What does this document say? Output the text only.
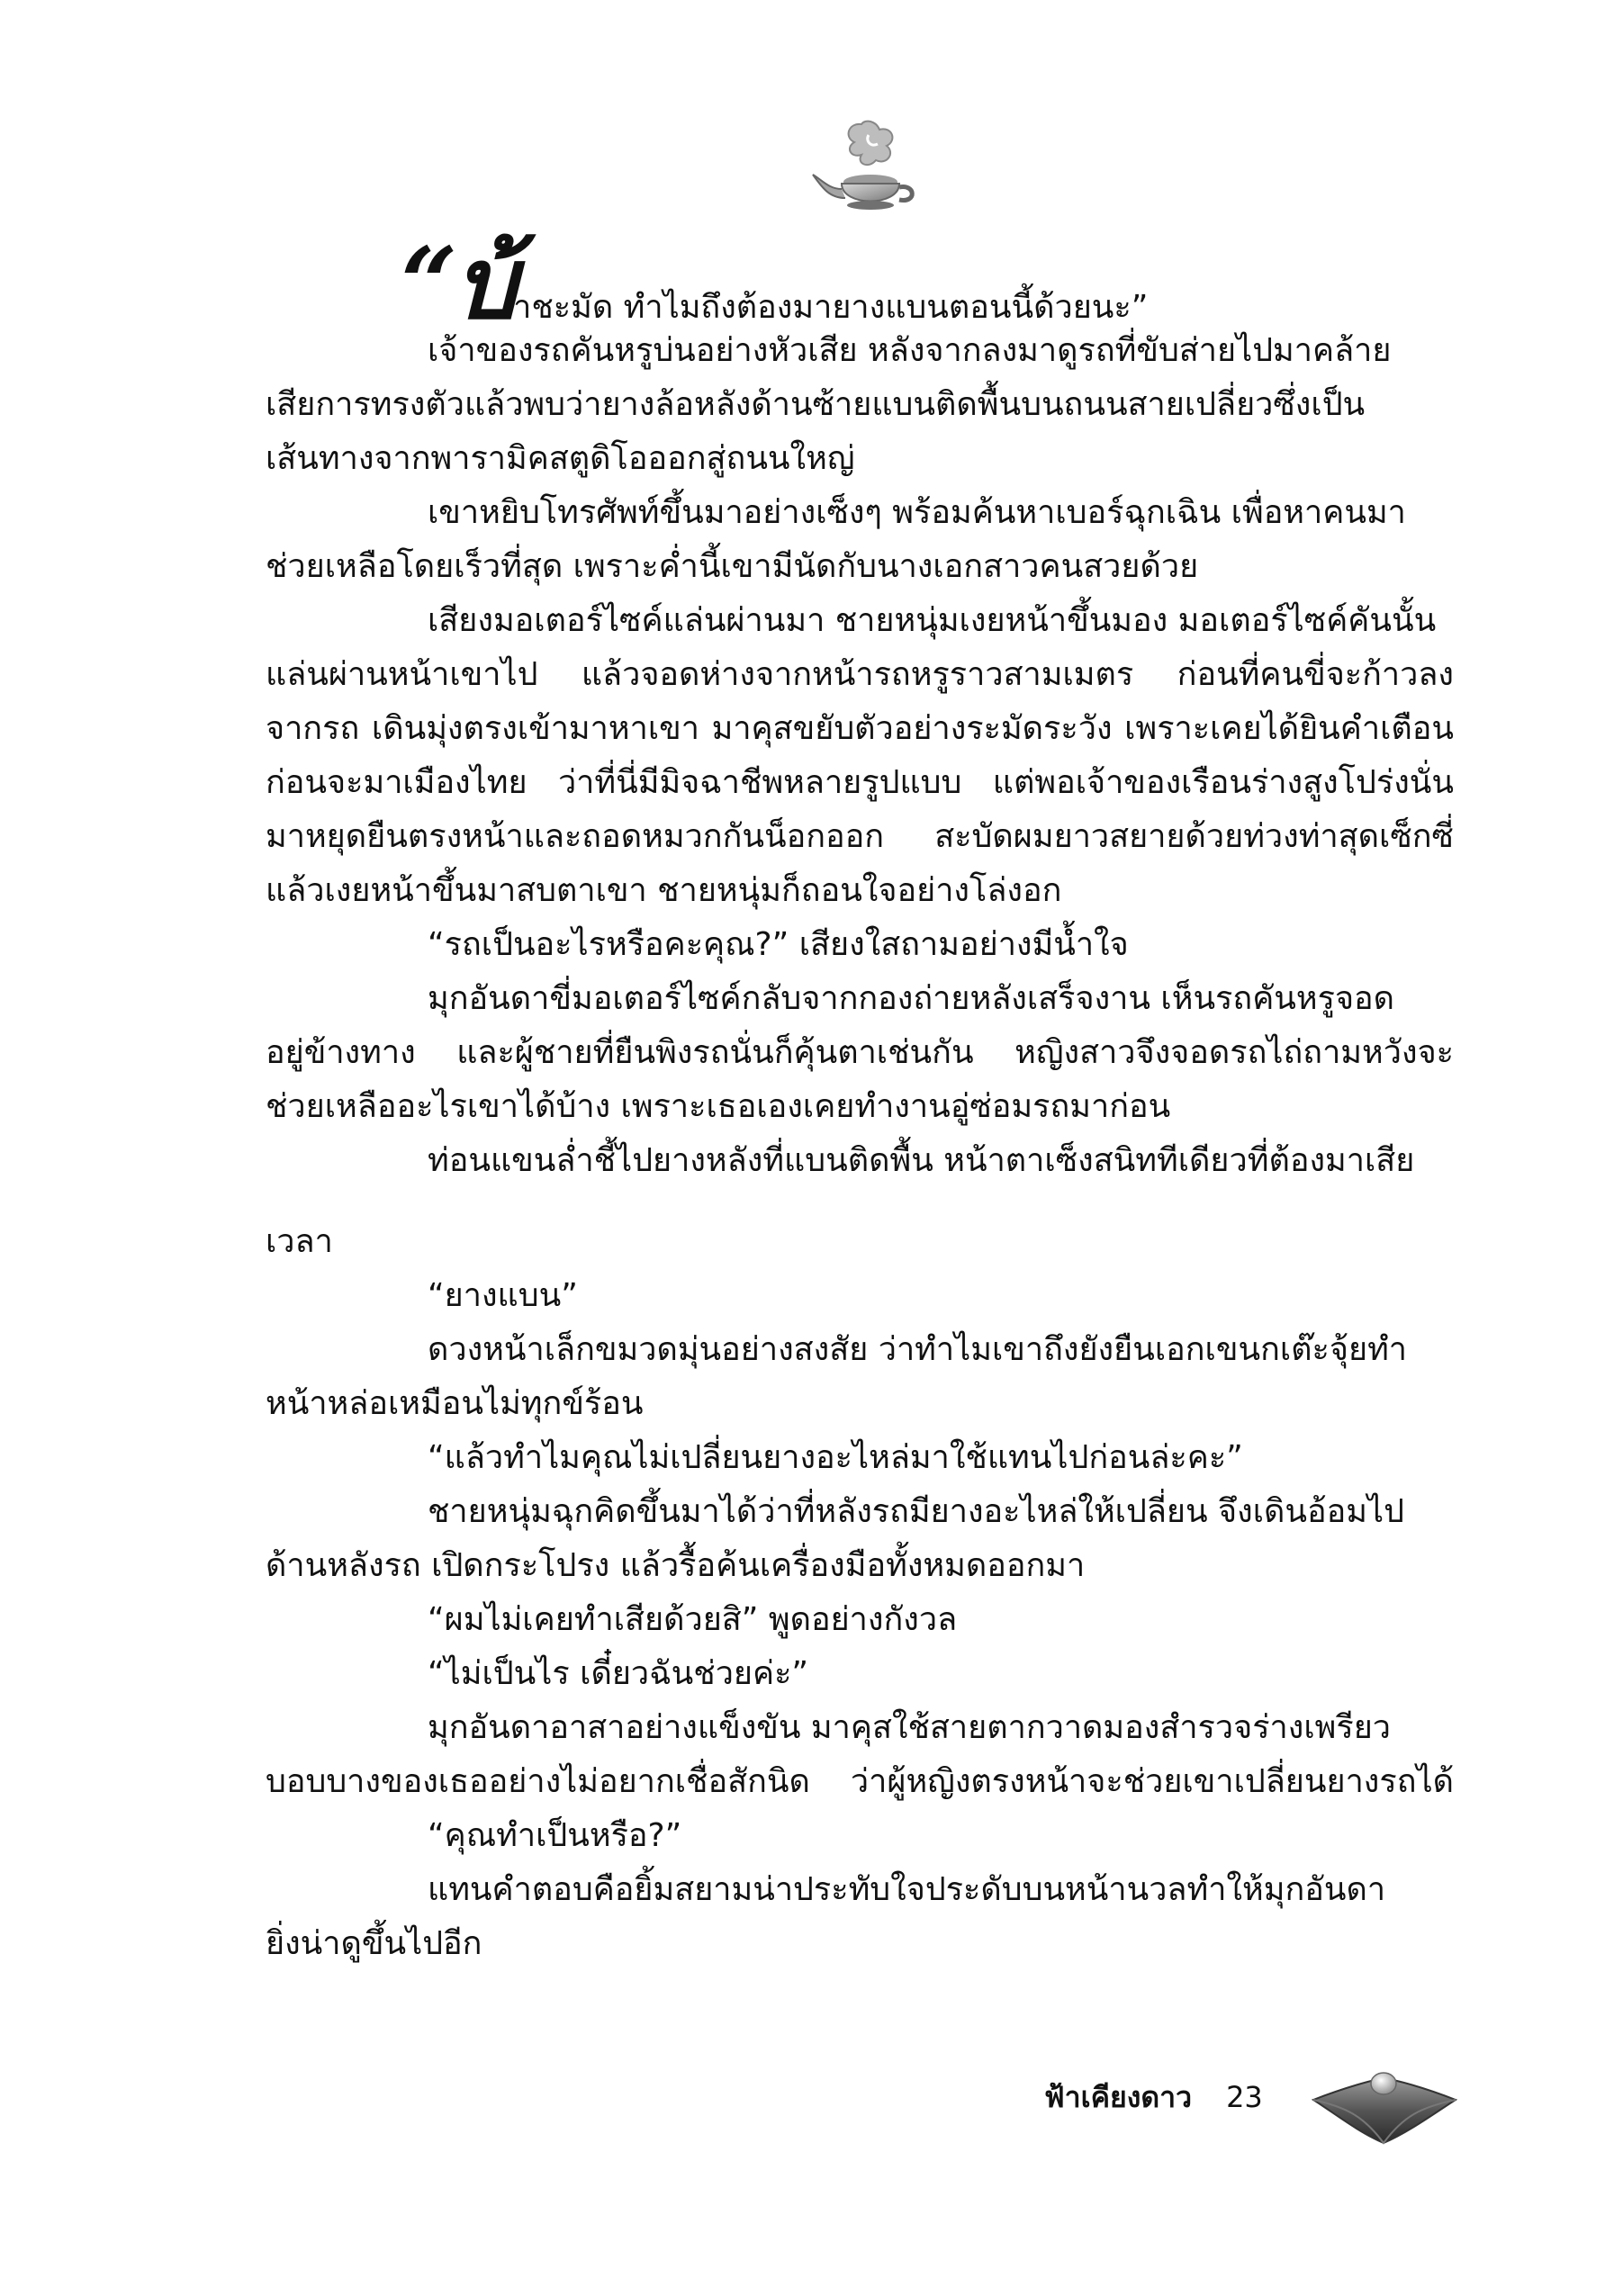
“บ้าชะมัด ทำไมถึงต้องมายางแบนตอนนี้ด้วยนะ”
เจ้าของรถคันหรูบ่นอย่างหัวเสีย หลังจากลงมาดูรถที่ขับส่ายไปมาคล้าย
เสียการทรงตัวแล้วพบว่ายางล้อหลังด้านซ้ายแบนติดพื้นบนถนนสายเปลี่ยวซึ่งเป็น
เส้นทางจากพารามิคสตูดิโอออกสู่ถนนใหญ่
เขาหยิบโทรศัพท์ขึ้นมาอย่างเซ็งๆ พร้อมค้นหาเบอร์ฉุกเฉิน เพื่อหาคนมา
ช่วยเหลือโดยเร็วที่สุด เพราะค่ำนี้เขามีนัดกับนางเอกสาวคนสวยด้วย
เสียงมอเตอร์ไซค์แล่นผ่านมา ชายหนุ่มเงยหน้าขึ้นมอง มอเตอร์ไซค์คันนั้น
แล่นผ่านหน้าเขาไป แล้วจอดห่างจากหน้ารถหรูราวสามเมตร ก่อนที่คนขี่จะก้าวลง
จากรถ เดินมุ่งตรงเข้ามาหาเขา มาคุสขยับตัวอย่างระมัดระวัง เพราะเคยได้ยินคำเตือน
ก่อนจะมาเมืองไทย ว่าที่นี่มีมิจฉาชีพหลายรูปแบบ แต่พอเจ้าของเรือนร่างสูงโปร่งนั่น
มาหยุดยืนตรงหน้าและถอดหมวกกันน็อกออก สะบัดผมยาวสยายด้วยท่วงท่าสุดเซ็กซี่
แล้วเงยหน้าขึ้นมาสบตาเขา ชายหนุ่มก็ถอนใจอย่างโล่งอก
“รถเป็นอะไรหรือคะคุณ?” เสียงใสถามอย่างมีน้ำใจ
มุกอันดาขี่มอเตอร์ไซค์กลับจากกองถ่ายหลังเสร็จงาน เห็นรถคันหรูจอด
อยู่ข้างทาง และผู้ชายที่ยืนพิงรถนั่นก็คุ้นตาเช่นกัน หญิงสาวจึงจอดรถไถ่ถามหวังจะ
ช่วยเหลืออะไรเขาได้บ้าง เพราะเธอเองเคยทำงานอู่ซ่อมรถมาก่อน
ท่อนแขนล่ำชี้ไปยางหลังที่แบนติดพื้น หน้าตาเซ็งสนิททีเดียวที่ต้องมาเสีย
เวลา
“ยางแบน”
ดวงหน้าเล็กขมวดมุ่นอย่างสงสัย ว่าทำไมเขาถึงยังยืนเอกเขนกเต๊ะจุ้ยทำ
หน้าหล่อเหมือนไม่ทุกข์ร้อน
“แล้วทำไมคุณไม่เปลี่ยนยางอะไหล่มาใช้แทนไปก่อนล่ะคะ”
ชายหนุ่มฉุกคิดขึ้นมาได้ว่าที่หลังรถมียางอะไหล่ให้เปลี่ยน จึงเดินอ้อมไป
ด้านหลังรถ เปิดกระโปรง แล้วรื้อค้นเครื่องมือทั้งหมดออกมา
“ผมไม่เคยทำเสียด้วยสิ” พูดอย่างกังวล
“ไม่เป็นไร เดี๋ยวฉันช่วยค่ะ”
มุกอันดาอาสาอย่างแข็งขัน มาคุสใช้สายตากวาดมองสำรวจร่างเพรียว
บอบบางของเธออย่างไม่อยากเชื่อสักนิด ว่าผู้หญิงตรงหน้าจะช่วยเขาเปลี่ยนยางรถได้
“คุณทำเป็นหรือ?”
แทนคำตอบคือยิ้มสยามน่าประทับใจประดับบนหน้านวลทำให้มุกอันดา
ยิ่งน่าดูขึ้นไปอีก
ฟ้าเคียงดาว 23
